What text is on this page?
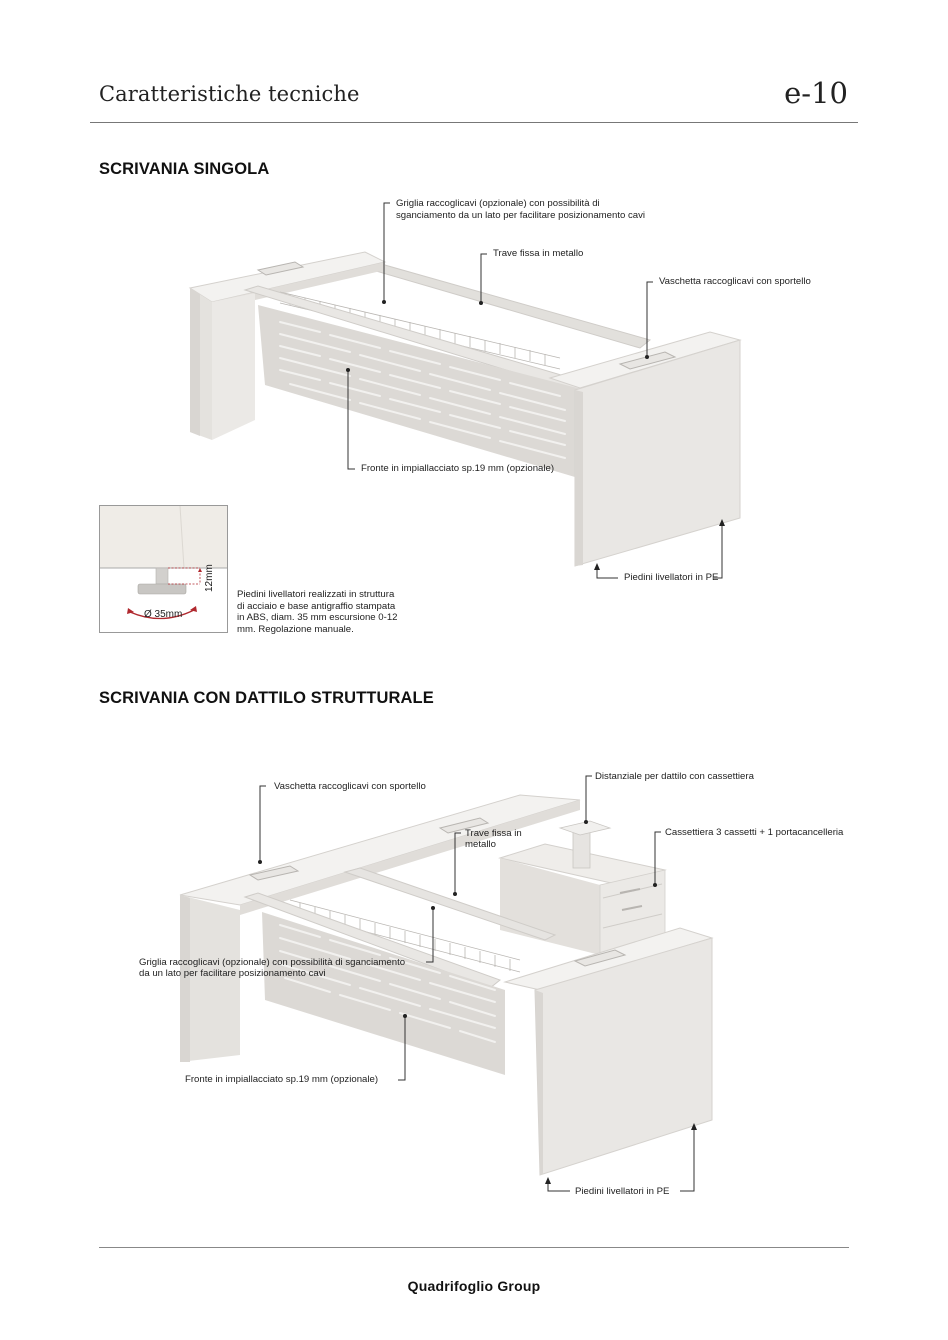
Caratteristiche tecniche	e-10
SCRIVANIA SINGOLA
Griglia raccoglicavi (opzionale) con possibilità di
sganciamento da un lato per facilitare posizionamento cavi
Trave fissa in metallo
Vaschetta raccoglicavi con sportello
Fronte in impiallacciato sp.19 mm (opzionale)
Piedini livellatori in PE
12mm
Ø 35mm
Piedini livellatori realizzati in struttura
di acciaio e base antigraffio stampata
in ABS, diam. 35 mm escursione 0-12
mm. Regolazione manuale.
SCRIVANIA CON DATTILO STRUTTURALE
Vaschetta raccoglicavi con sportello
Distanziale per dattilo con cassettiera
Trave fissa in
metallo
Cassettiera 3 cassetti + 1 portacancelleria
Griglia raccoglicavi (opzionale) con possibilità di sganciamento
da un lato per facilitare posizionamento cavi
Fronte in impiallacciato sp.19 mm (opzionale)
Piedini livellatori in PE
Quadrifoglio Group
